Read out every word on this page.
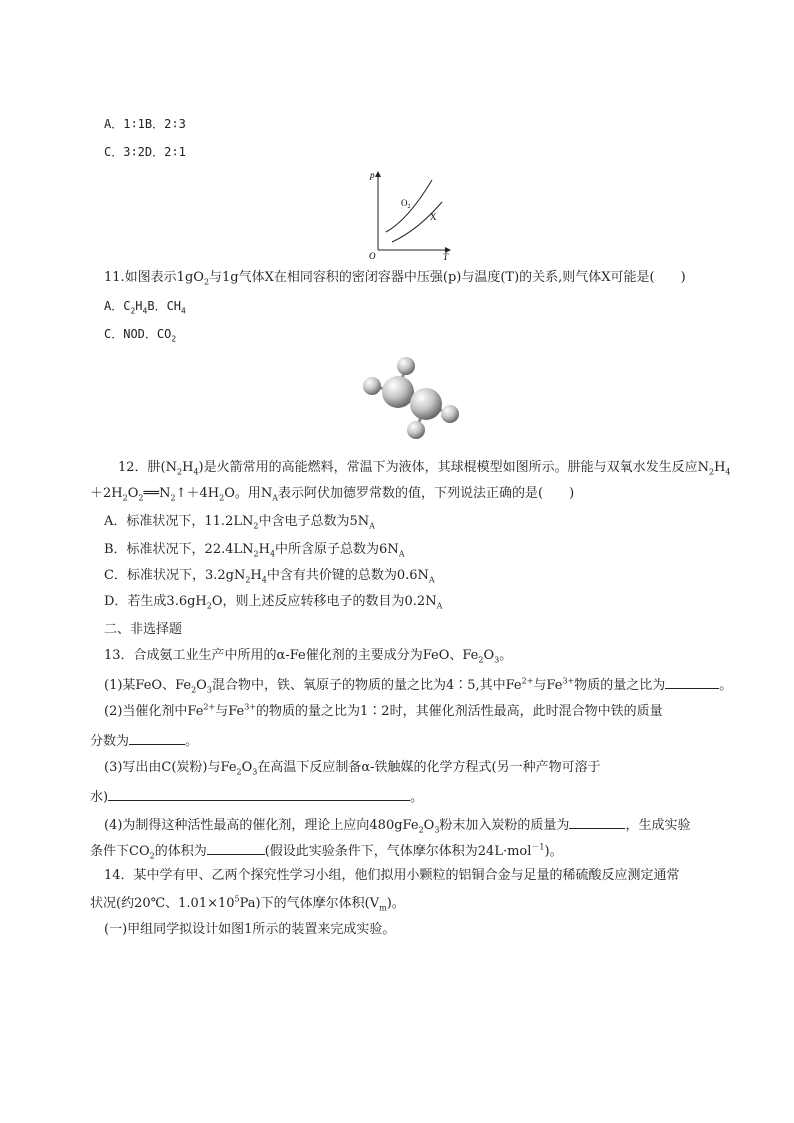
A．1∶1B．2∶3
C．3∶2D．2∶1
p
$O_2$
X
O	T
11.如图表示$1gO_2$与1g气体X在相同容积的密闭容器中压强(p)与温度(T)的关系,则气体X可能是(　　)
A．$C_2H_4B$．$CH_4$
C．NOD．$CO_2$
12．肼$(N_2H_4)$是火箭常用的高能燃料，常温下为液体，其球棍模型如图所示。肼能与双氧水发生反应$N_2H_4$
$+2H_2O_2══N_2↑+4H_2O$。用$N_A$表示阿伏加德罗常数的值，下列说法正确的是(　　)
A．标准状况下，$11.2LN_2$中含电子总数为$5N_A$
B．标准状况下，$22.4LN_2H_4$中所含原子总数为$6N_A$
C．标准状况下，$3.2gN_2H_4$中含有共价键的总数为$0.6N_A$
D．若生成$3.6gH_2O$，则上述反应转移电子的数目为$0.2N_A$
二、非选择题
13．合成氨工业生产中所用的α-Fe催化剂的主要成分为FeO、$Fe_2O_3$。
(1)某FeO、$Fe_2O_3$混合物中，铁、氧原子的物质的量之比为4∶5,其中$Fe^{2+}$与$Fe^{3+}$物质的量之比为	。
(2)当催化剂中$Fe^{2+}$与$Fe^{3+}$的物质的量之比为1∶2时，其催化剂活性最高，此时混合物中铁的质量
分数为	。
(3)写出由C(炭粉)与$Fe_2O_3$在高温下反应制备α-铁触媒的化学方程式(另一种产物可溶于
水)	。
(4)为制得这种活性最高的催化剂，理论上应向$480gFe_2O_3$粉末加入炭粉的质量为	，生成实验
条件下$CO_2$的体积为	(假设此实验条件下，气体摩尔体积为24L·mol$^{-1}$)。
14．某中学有甲、乙两个探究性学习小组，他们拟用小颗粒的铝铜合金与足量的稀硫酸反应测定通常
状况(约20℃、$1.01\times 10^5Pa$)下的气体摩尔体积$(V_m)$。
(一)甲组同学拟设计如图1所示的装置来完成实验。
